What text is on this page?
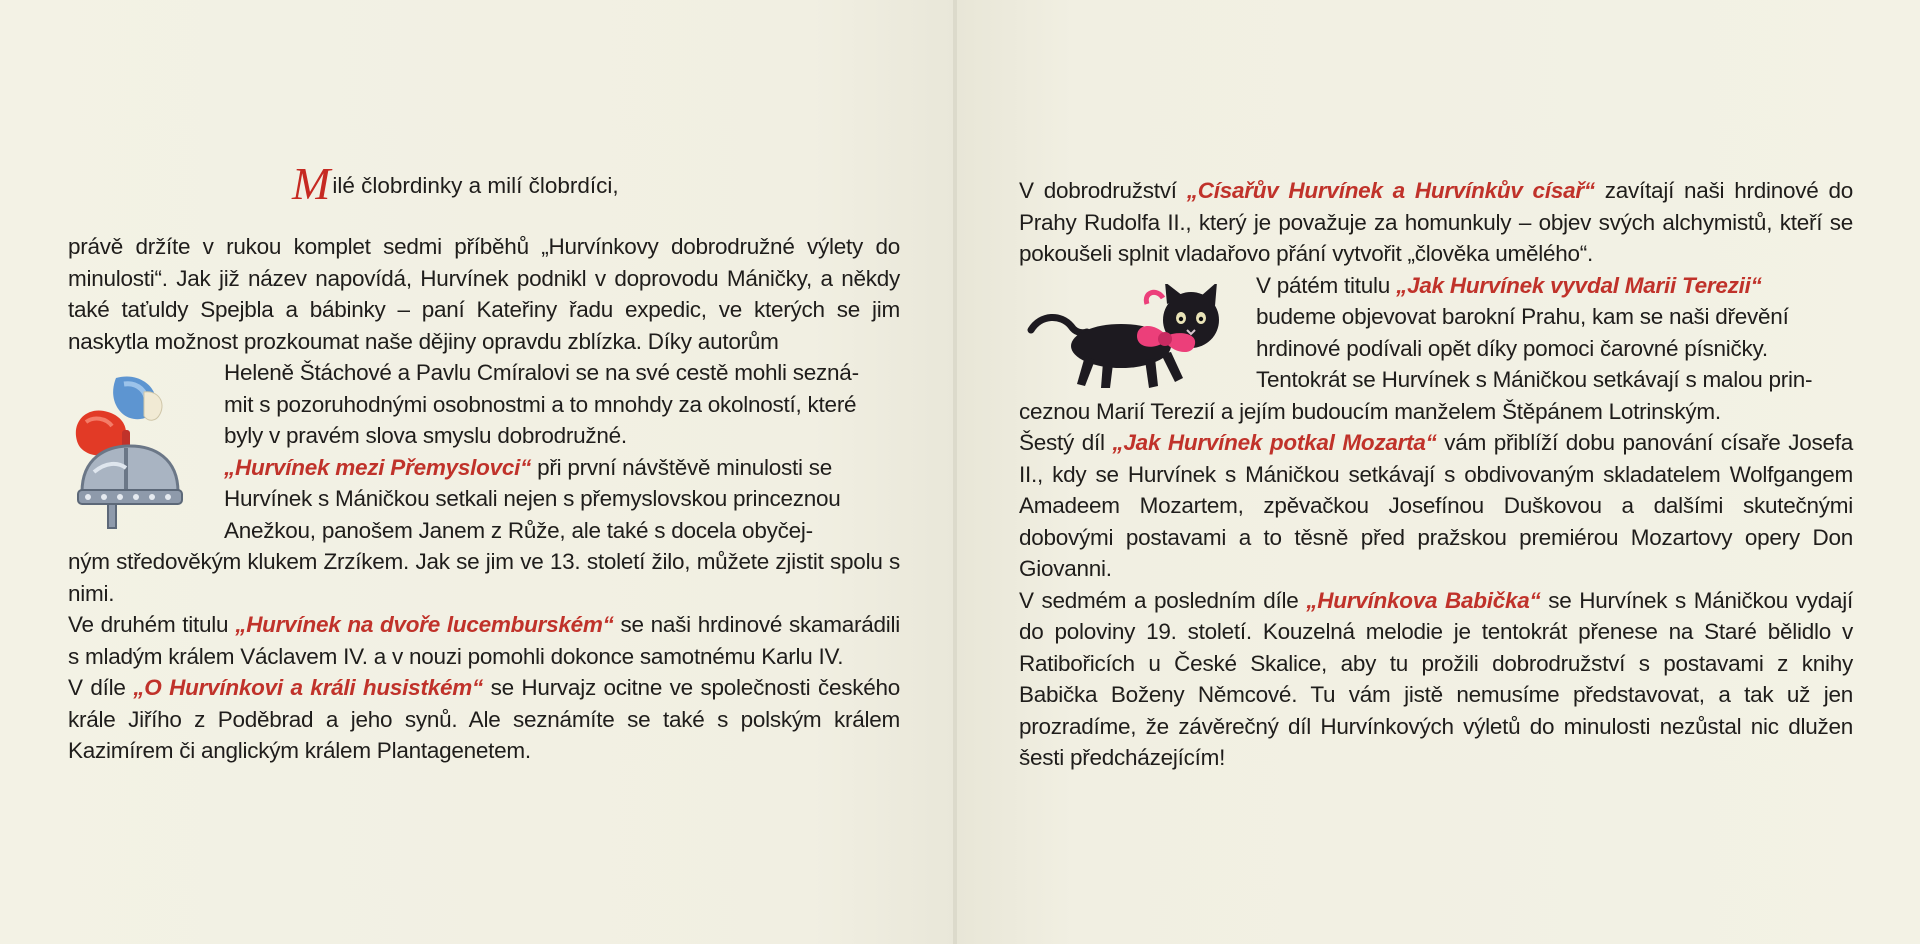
Milé člobrdinky a milí člobrdíci,

právě držíte v rukou komplet sedmi příběhů „Hurvínkovy dobrodružné výlety do minulosti“. Jak již název napovídá, Hurvínek podnikl v doprovodu Máničky, a někdy také taťuldy Spejbla a bábinky – paní Kateřiny řadu expedic, ve kterých se jim naskytla možnost prozkoumat naše dějiny opravdu zblízka. Díky autorům

Heleně Štáchové a Pavlu Cmíralovi se na své cestě mohli sezná-

mit s pozoruhodnými osobnostmi a to mnohdy za okolností, které

byly v pravém slova smyslu dobrodružné.

„Hurvínek mezi Přemyslovci“ při první návštěvě minulosti se

Hurvínek s Máničkou setkali nejen s přemyslovskou princeznou

Anežkou, panošem Janem z Růže, ale také s docela obyčej-

ným středověkým klukem Zrzíkem. Jak se jim ve 13. století žilo, můžete zjistit spolu s nimi.

Ve druhém titulu „Hurvínek na dvoře lucemburském“ se naši hrdinové skamarádili s mladým králem Václavem IV. a v nouzi pomohli dokonce samotnému Karlu IV.

V díle „O Hurvínkovi a králi husistkém“ se Hurvajz ocitne ve společnosti českého krále Jiřího z Poděbrad a jeho synů. Ale seznámíte se také s polským králem Kazimírem či anglickým králem Plantagenetem.

V dobrodružství „Císařův Hurvínek a Hurvínkův císař“ zavítají naši hrdinové do Prahy Rudolfa II., který je považuje za homunkuly – objev svých alchymistů, kteří se pokoušeli splnit vladařovo přání vytvořit „člověka umělého“.

V pátém titulu „Jak Hurvínek vyvdal Marii Terezii“

budeme objevovat barokní Prahu, kam se naši dřevění

hrdinové podívali opět díky pomoci čarovné písničky.

Tentokrát se Hurvínek s Máničkou setkávají s malou prin-

ceznou Marií Terezií a jejím budoucím manželem Štěpánem Lotrinským.

Šestý díl „Jak Hurvínek potkal Mozarta“ vám přiblíží dobu panování císaře Josefa II., kdy se Hurvínek s Máničkou setkávají s obdivovaným skladatelem Wolfgangem Amadeem Mozartem, zpěvačkou Josefínou Duškovou a dalšími skutečnými dobovými postavami a to těsně před pražskou premiérou Mozartovy opery Don Giovanni.

V sedmém a posledním díle „Hurvínkova Babička“ se Hurvínek s Máničkou vydají do poloviny 19. století. Kouzelná melodie je tentokrát přenese na Staré bělidlo v Ratibořicích u České Skalice, aby tu prožili dobrodružství s postavami z knihy Babička Boženy Němcové. Tu vám jistě nemusíme představovat, a tak už jen prozradíme, že závěrečný díl Hurvínkových výletů do minulosti nezůstal nic dlužen šesti předcházejícím!
